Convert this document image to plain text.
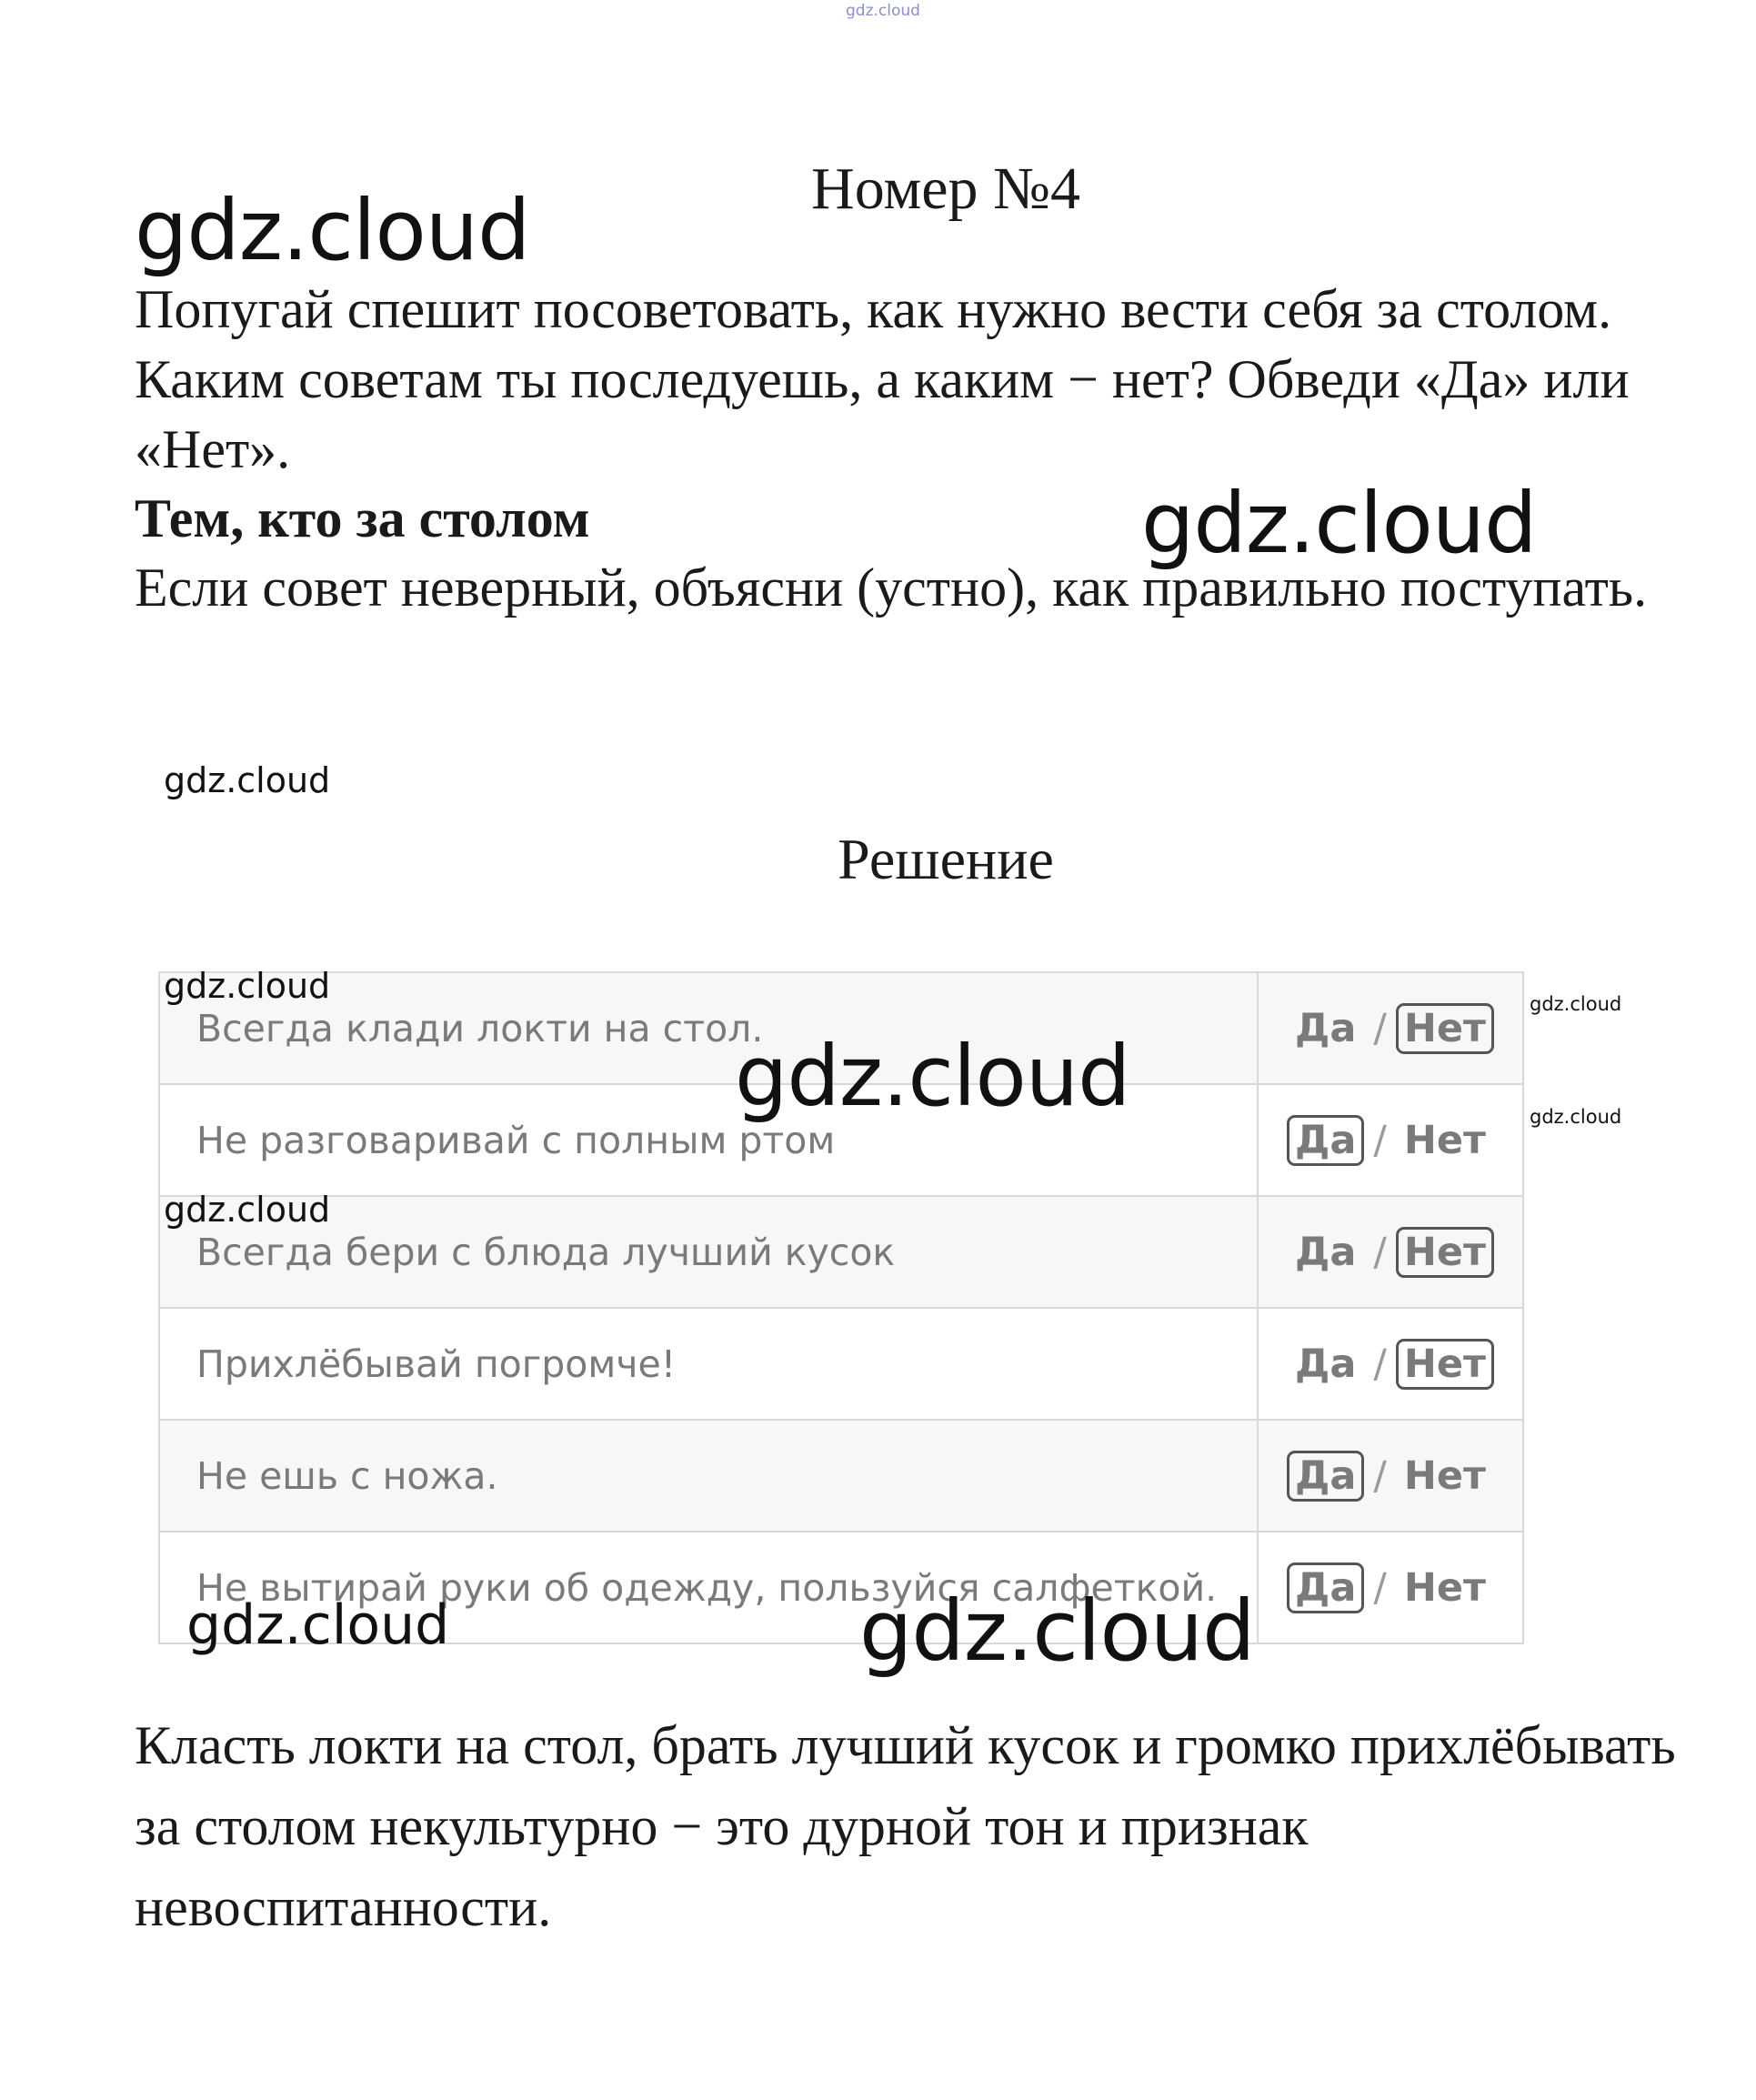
gdz.cloud
Номер №4
gdz.cloud
Попугай спешит посоветовать, как нужно вести себя за столом. Каким советам ты последуешь, а каким − нет? Обведи «Да» или «Нет».
Тем, кто за столом	gdz.cloud
Если совет неверный, объясни (устно), как правильно поступать.
gdz.cloud
Решение
Всегда клади локти на стол.	Да / Нет
Не разговаривай с полным ртом	Да / Нет
Всегда бери с блюда лучший кусок	Да / Нет
Прихлёбывай погромче!	Да / Нет
Не ешь с ножа.	Да / Нет
Не вытирай руки об одежду, пользуйся салфеткой.	Да / Нет
gdz.cloud
gdz.cloud
gdz.cloud
gdz.cloud
gdz.cloud
gdz.cloud	gdz.cloud
Класть локти на стол, брать лучший кусок и громко прихлёбывать за столом некультурно − это дурной тон и признак невоспитанности.
